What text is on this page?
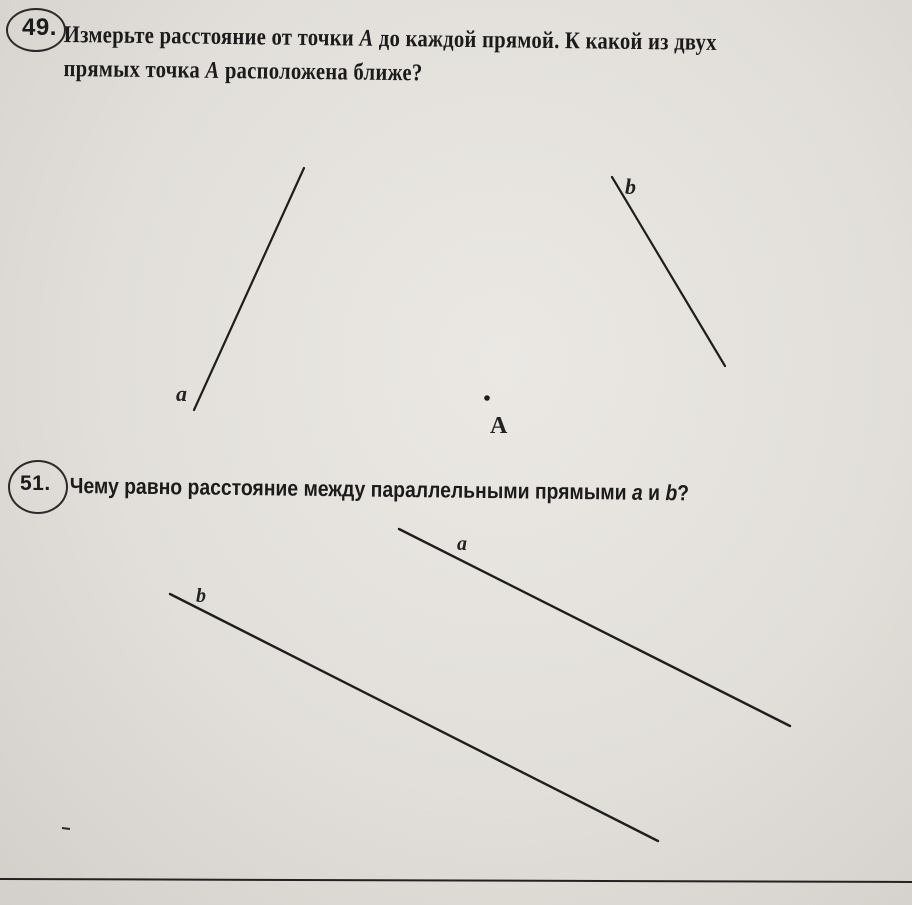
49. Измерьте расстояние от точки A до каждой прямой. К какой из двух прямых точка A расположена ближе?
a
b
A
a
b
51. Чему равно расстояние между параллельными прямыми a и b?
